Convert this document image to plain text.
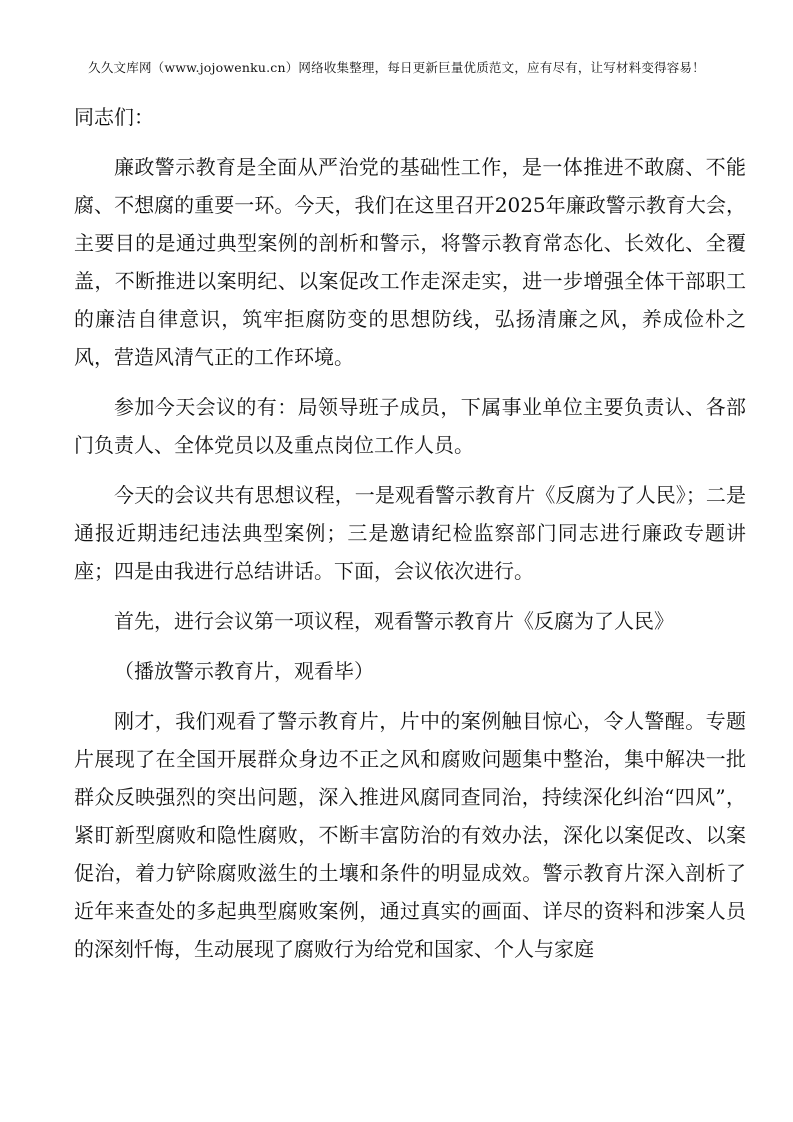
久久文库网（www.jojowenku.cn）网络收集整理，每日更新巨量优质范文，应有尽有，让写材料变得容易！

同志们：

廉政警示教育是全面从严治党的基础性工作，是一体推进不敢腐、不能腐、不想腐的重要一环。今天，我们在这里召开2025年廉政警示教育大会，主要目的是通过典型案例的剖析和警示，将警示教育常态化、长效化、全覆盖，不断推进以案明纪、以案促改工作走深走实，进一步增强全体干部职工的廉洁自律意识，筑牢拒腐防变的思想防线，弘扬清廉之风，养成俭朴之风，营造风清气正的工作环境。

参加今天会议的有：局领导班子成员，下属事业单位主要负责认、各部门负责人、全体党员以及重点岗位工作人员。

今天的会议共有思想议程，一是观看警示教育片《反腐为了人民》；二是通报近期违纪违法典型案例；三是邀请纪检监察部门同志进行廉政专题讲座；四是由我进行总结讲话。下面，会议依次进行。

首先，进行会议第一项议程，观看警示教育片《反腐为了人民》

（播放警示教育片，观看毕）

刚才，我们观看了警示教育片，片中的案例触目惊心，令人警醒。专题片展现了在全国开展群众身边不正之风和腐败问题集中整治，集中解决一批群众反映强烈的突出问题，深入推进风腐同查同治，持续深化纠治“四风”，紧盯新型腐败和隐性腐败，不断丰富防治的有效办法，深化以案促改、以案促治，着力铲除腐败滋生的土壤和条件的明显成效。警示教育片深入剖析了近年来查处的多起典型腐败案例，通过真实的画面、详尽的资料和涉案人员的深刻忏悔，生动展现了腐败行为给党和国家、个人与家庭
